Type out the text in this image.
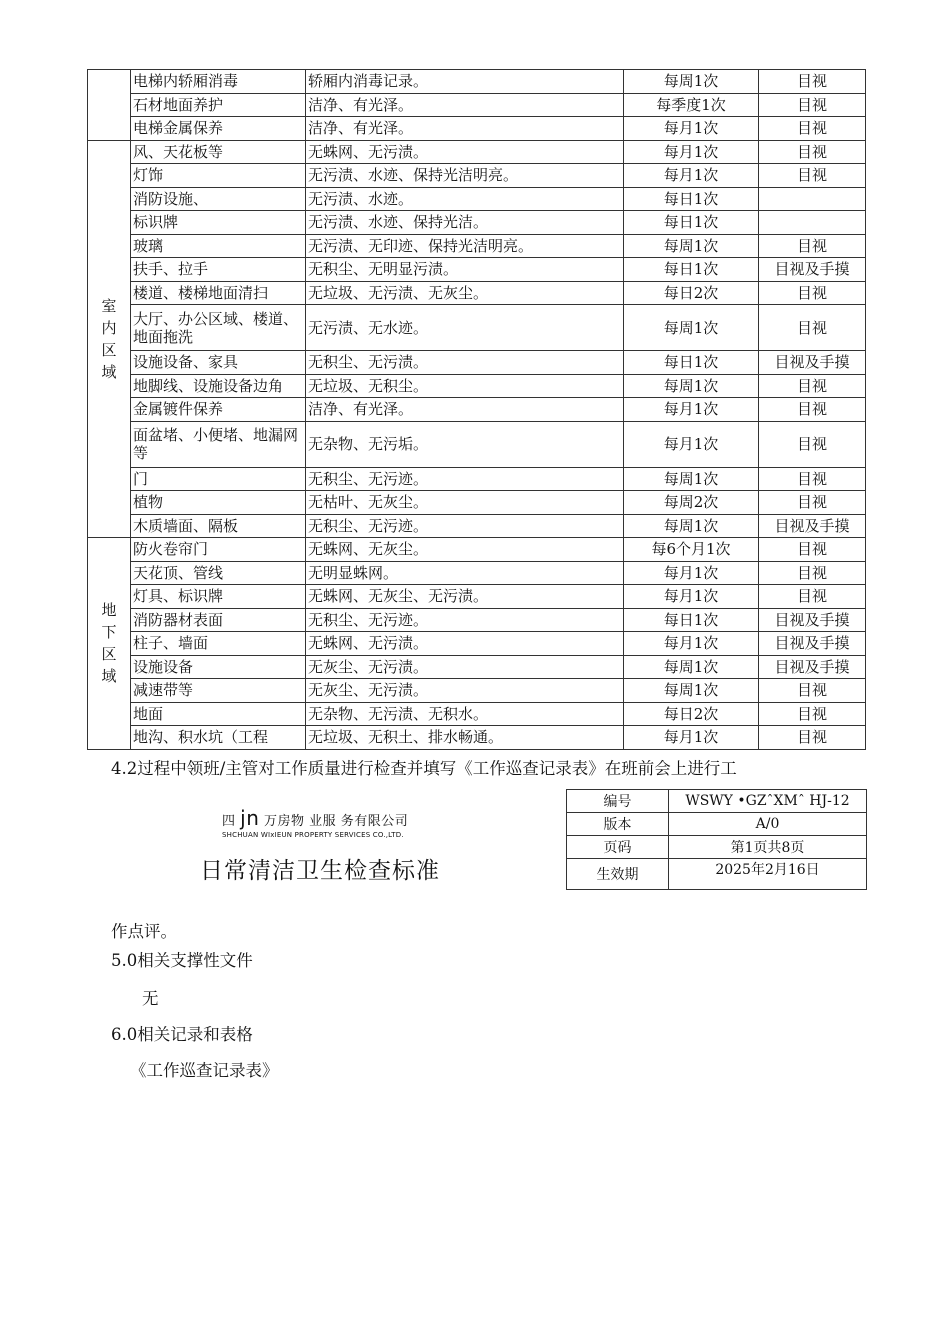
	电梯内轿厢消毒	轿厢内消毒记录。	每周1次	目视
	石材地面养护	洁净、有光泽。	每季度1次	目视
	电梯金属保养	洁净、有光泽。	每月1次	目视

室
内
区
域	风、天花板等	无蛛网、无污渍。	每月1次	目视
	灯饰	无污渍、水迹、保持光洁明亮。	每月1次	目视
	消防设施、	无污渍、水迹。	每日1次	
	标识牌	无污渍、水迹、保持光洁。	每日1次	
	玻璃	无污渍、无印迹、保持光洁明亮。	每周1次	目视
	扶手、拉手	无积尘、无明显污渍。	每日1次	目视及手摸
	楼道、楼梯地面清扫	无垃圾、无污渍、无灰尘。	每日2次	目视
	大厅、办公区域、楼道、 地面拖洗	无污渍、无水迹。	每周1次	目视
	设施设备、家具	无积尘、无污渍。	每日1次	目视及手摸
	地脚线、设施设备边角	无垃圾、无积尘。	每周1次	目视
	金属镀件保养	洁净、有光泽。	每月1次	目视
	面盆堵、小便堵、地漏网等	无杂物、无污垢。	每月1次	目视
	门	无积尘、无污迹。	每周1次	目视
	植物	无枯叶、无灰尘。	每周2次	目视
	木质墙面、隔板	无积尘、无污迹。	每周1次	目视及手摸

地
下
区
域	防火卷帘门	无蛛网、无灰尘。	每6个月1次	目视
	天花顶、管线	无明显蛛网。	每月1次	目视
	灯具、标识牌	无蛛网、无灰尘、无污渍。	每月1次	目视
	消防器材表面	无积尘、无污迹。	每日1次	目视及手摸
	柱子、墙面	无蛛网、无污渍。	每月1次	目视及手摸
	设施设备	无灰尘、无污渍。	每周1次	目视及手摸
	减速带等	无灰尘、无污渍。	每周1次	目视
	地面	无杂物、无污渍、无积水。	每日2次	目视
	地沟、积水坑（工程	无垃圾、无积土、排水畅通。	每月1次	目视
4.2过程中领班/主管对工作质量进行检查并填写《工作巡查记录表》在班前会上进行工
四 jn 万房物 业服 务有限公司
SHCHUAN WIxIEUN PROPERTY SERVICES CO.,LTD.
日常清洁卫生检查标准
编号	WSWY •GZˆXMˆ HJ-12
版本	A/0
页码	第1页共8页
生效期	2025年2月16日
作点评。
5.0相关支撑性文件
无
6.0相关记录和表格
《工作巡查记录表》
